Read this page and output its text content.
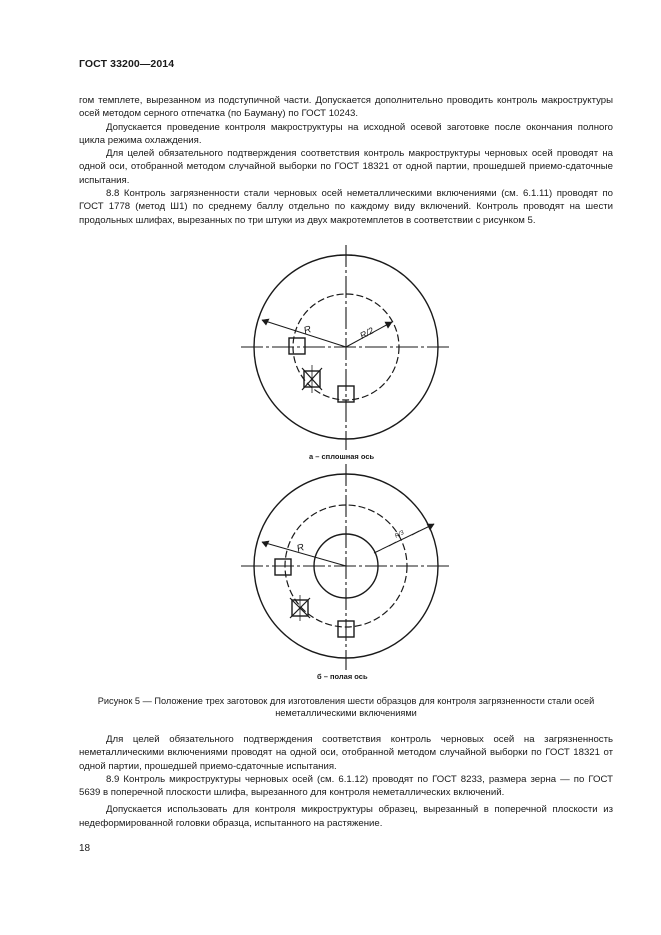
ГОСТ 33200—2014

гом темплете, вырезанном из подступичной части. Допускается дополнительно проводить контроль макроструктуры осей методом серного отпечатка (по Бауману) по ГОСТ 10243.

Допускается проведение контроля макроструктуры на исходной осевой заготовке после окончания полного цикла режима охлаждения.

Для целей обязательного подтверждения соответствия контроль макроструктуры черновых осей проводят на одной оси, отобранной методом случайной выборки по ГОСТ 18321 от одной партии, прошедшей приемо-сдаточные испытания.

8.8 Контроль загрязненности стали черновых осей неметаллическими включениями (см. 6.1.11) проводят по ГОСТ 1778 (метод Ш1) по среднему баллу отдельно по каждому виду включений. Контроль проводят на шести продольных шлифах, вырезанных по три штуки из двух макротемплетов в соответствии с рисунком 5.

R	R/2
R
R/3
а – сплошная ось
б – полая ось
Рисунок 5 — Положение трех заготовок для изготовления шести образцов для контроля загрязненности стали осей неметаллическими включениями

Для целей обязательного подтверждения соответствия контроль черновых осей на загрязненность неметаллическими включениями проводят на одной оси, отобранной методом случайной выборки по ГОСТ 18321 от одной партии, прошедшей приемо-сдаточные испытания.

8.9 Контроль микроструктуры черновых осей (см. 6.1.12) проводят по ГОСТ 8233, размера зерна — по ГОСТ 5639 в поперечной плоскости шлифа, вырезанного для контроля неметаллических включений.

Допускается использовать для контроля микроструктуры образец, вырезанный в поперечной плоскости из недеформированной головки образца, испытанного на растяжение.

18
